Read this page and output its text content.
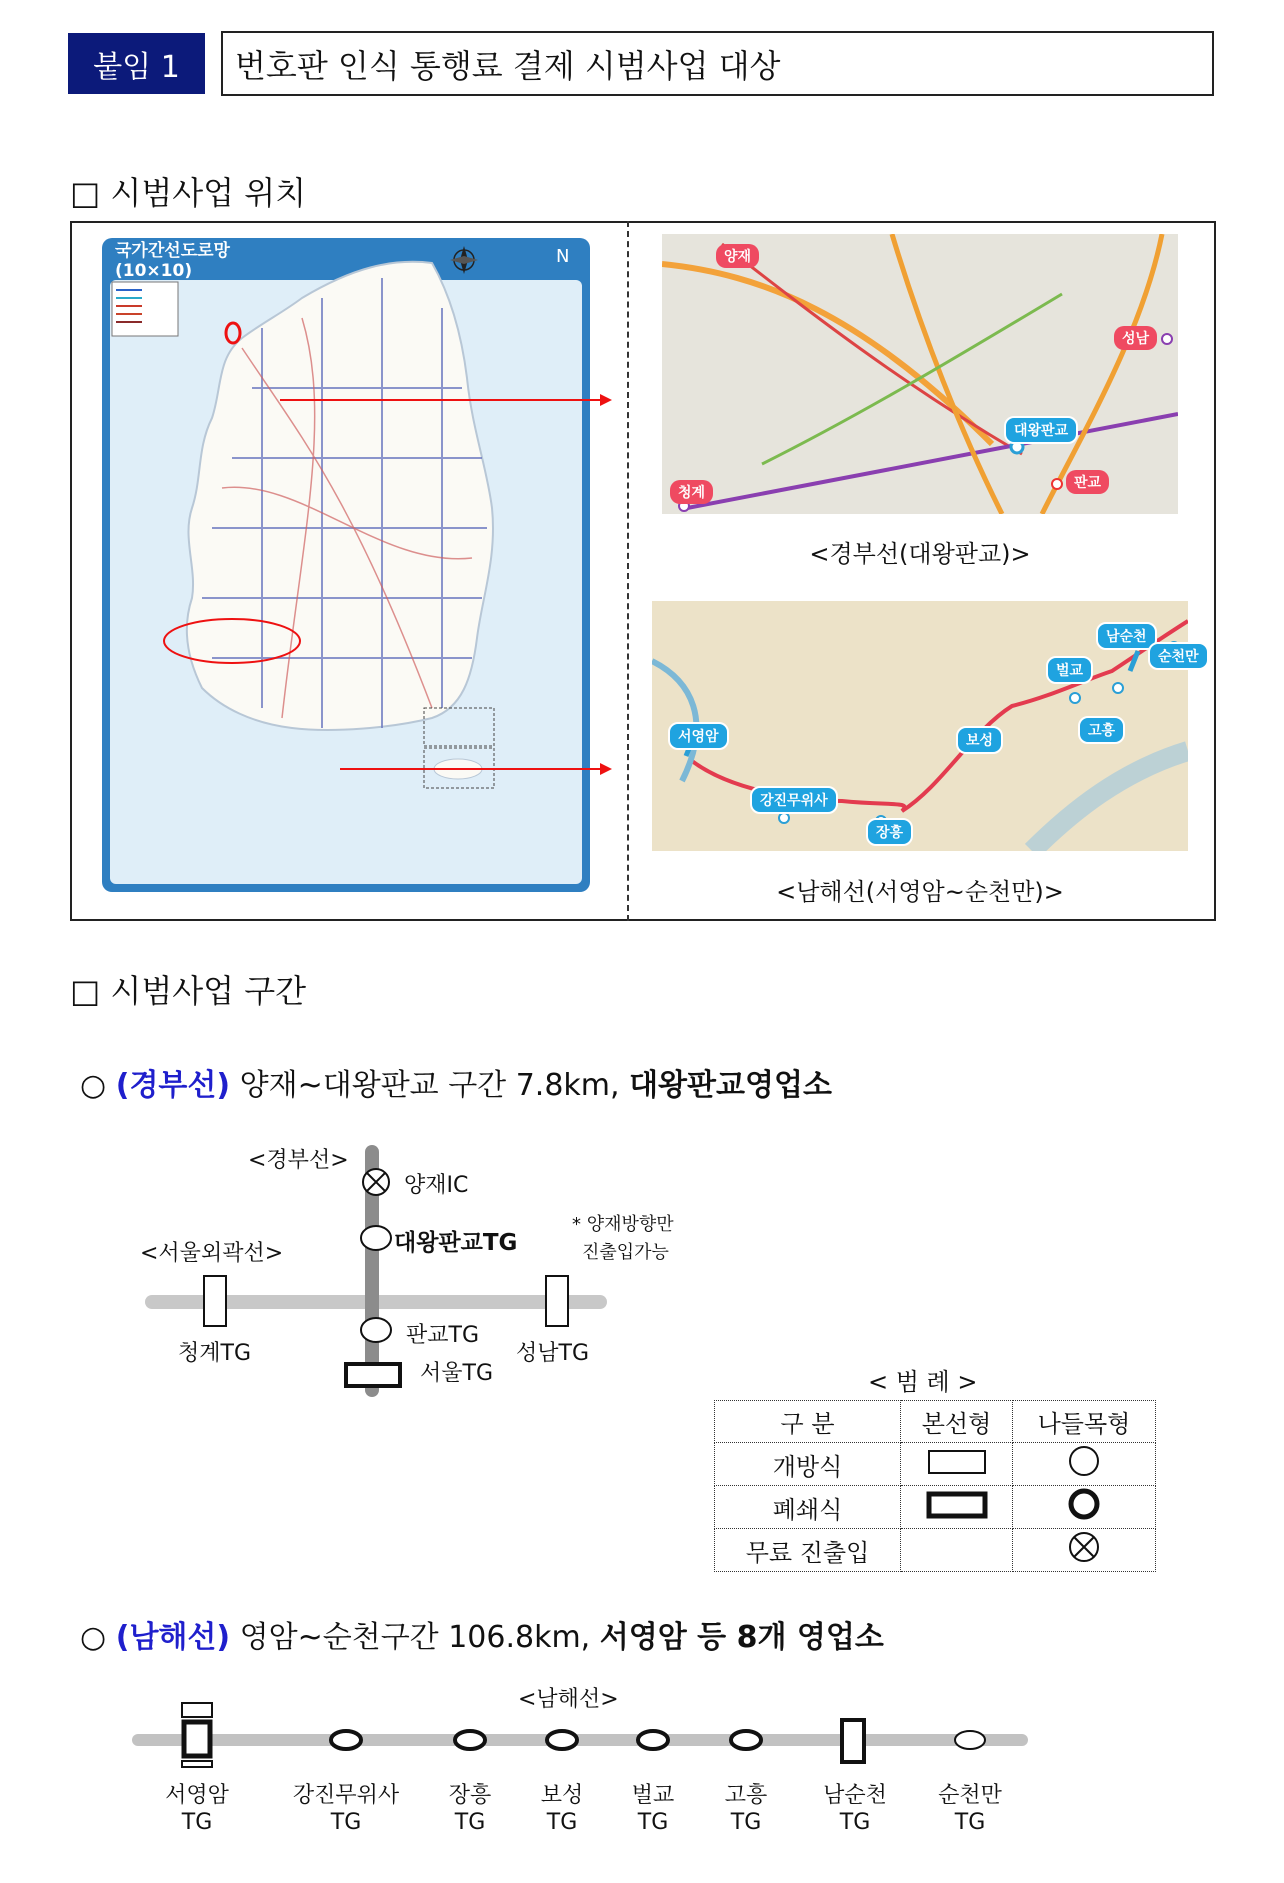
붙임 1	번호판 인식 통행료 결제 시범사업 대상
□ 시범사업 위치
국가간선도로망(10×10)
N	양재
성남
대왕판교
판교
청계
<경부선(대왕판교)>
서영암
강진무위사
장흥
보성
벌교
고흥
남순천
순천만
<남해선(서영암~순천만)>
□ 시범사업 구간
○ (경부선) 양재~대왕판교 구간 7.8km, 대왕판교영업소
<경부선>
<서울외곽선>
양재IC
대왕판교TG
* 양재방향만
진출입가능
청계TG
판교TG
성남TG
서울TG	< 범 례 >
구 분	본선형	나들목형
개방식		
폐쇄식		
무료 진출입		
○ (남해선) 영암~순천구간 106.8km, 서영암 등 8개 영업소
<남해선>
서영암	강진무위사	장흥	보성	벌교	고흥	남순천	순천만
TG	TG	TG	TG	TG	TG	TG	TG
